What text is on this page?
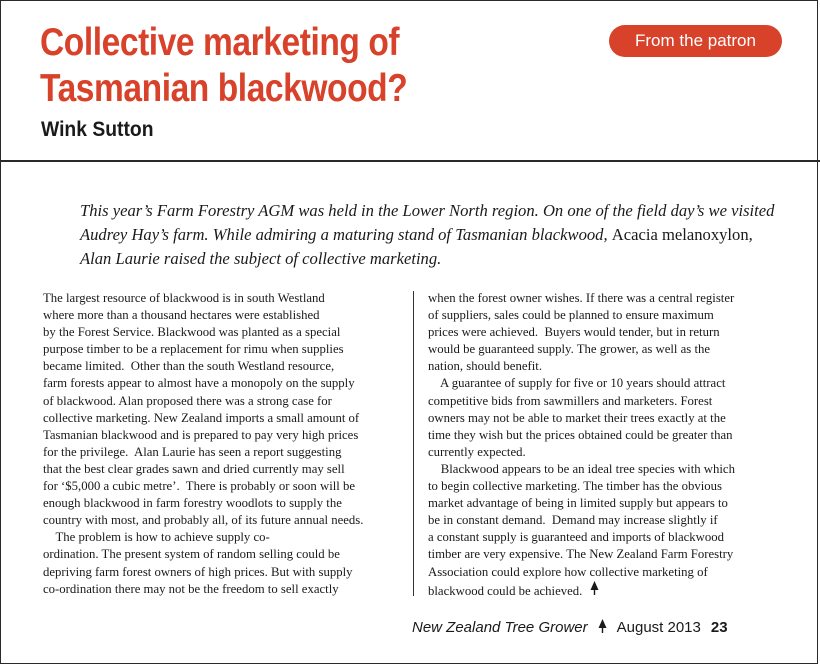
Collective marketing of
Tasmanian blackwood?
Wink Sutton
From the patron

This year’s Farm Forestry AGM was held in the Lower North region. On one of the field day’s we visited Audrey Hay’s farm. While admiring a maturing stand of Tasmanian blackwood, Acacia melanoxylon, Alan Laurie raised the subject of collective marketing.

The largest resource of blackwood is in south Westland
where more than a thousand hectares were established
by the Forest Service. Blackwood was planted as a special
purpose timber to be a replacement for rimu when supplies
became limited.  Other than the south Westland resource,
farm forests appear to almost have a monopoly on the supply
of blackwood. Alan proposed there was a strong case for
collective marketing. New Zealand imports a small amount of
Tasmanian blackwood and is prepared to pay very high prices
for the privilege.  Alan Laurie has seen a report suggesting
that the best clear grades sawn and dried currently may sell
for ‘$5,000 a cubic metre’.  There is probably or soon will be
enough blackwood in farm forestry woodlots to supply the
country with most, and probably all, of its future annual needs.
The problem is how to achieve supply co-
ordination. The present system of random selling could be
depriving farm forest owners of high prices. But with supply
co-ordination there may not be the freedom to sell exactly
when the forest owner wishes. If there was a central register
of suppliers, sales could be planned to ensure maximum
prices were achieved.  Buyers would tender, but in return
would be guaranteed supply. The grower, as well as the
nation, should benefit.
A guarantee of supply for five or 10 years should attract
competitive bids from sawmillers and marketers. Forest
owners may not be able to market their trees exactly at the
time they wish but the prices obtained could be greater than
currently expected.
Blackwood appears to be an ideal tree species with which
to begin collective marketing. The timber has the obvious
market advantage of being in limited supply but appears to
be in constant demand.  Demand may increase slightly if
a constant supply is guaranteed and imports of blackwood
timber are very expensive. The New Zealand Farm Forestry
Association could explore how collective marketing of
blackwood could be achieved.
New Zealand Tree Grower August 2013 23
